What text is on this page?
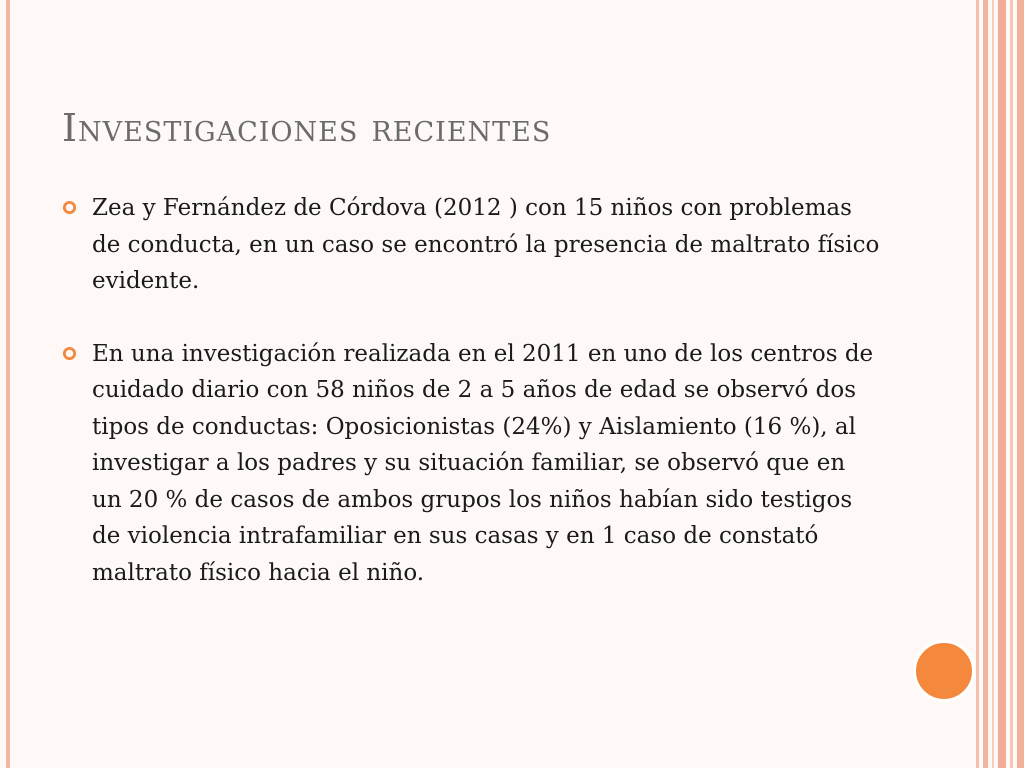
Investigaciones recientes
Zea y Fernández de Córdova (2012 ) con 15 niños con problemas de conducta, en un caso se encontró la presencia de maltrato físico evidente.
En una investigación realizada en el 2011 en uno de los centros de cuidado diario con 58 niños de 2 a 5 años de edad se observó dos tipos de conductas: Oposicionistas (24%) y Aislamiento (16 %), al investigar a los padres y su situación familiar, se observó que en un 20 % de casos de ambos grupos los niños habían sido testigos de violencia intrafamiliar en sus casas y en 1 caso de constató maltrato físico hacia el niño.
